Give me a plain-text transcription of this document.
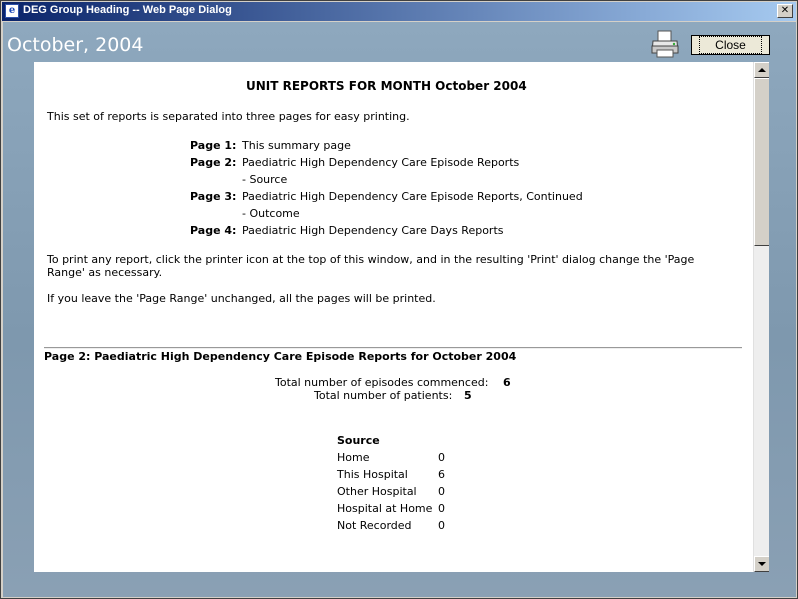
e DEG Group Heading -- Web Page Dialog	✕
October, 2004	Close
UNIT REPORTS FOR MONTH October 2004
This set of reports is separated into three pages for easy printing.
Page 1: This summary page
Page 2: Paediatric High Dependency Care Episode Reports
- Source
Page 3: Paediatric High Dependency Care Episode Reports, Continued
- Outcome
Page 4: Paediatric High Dependency Care Days Reports
To print any report, click the printer icon at the top of this window, and in the resulting 'Print' dialog change the 'Page
Range' as necessary.
If you leave the 'Page Range' unchanged, all the pages will be printed.
Page 2: Paediatric High Dependency Care Episode Reports for October 2004
Total number of episodes commenced: 6
Total number of patients: 5
Source
Home	0
This Hospital	6
Other Hospital 0
Hospital at Home 0
Not Recorded 0
